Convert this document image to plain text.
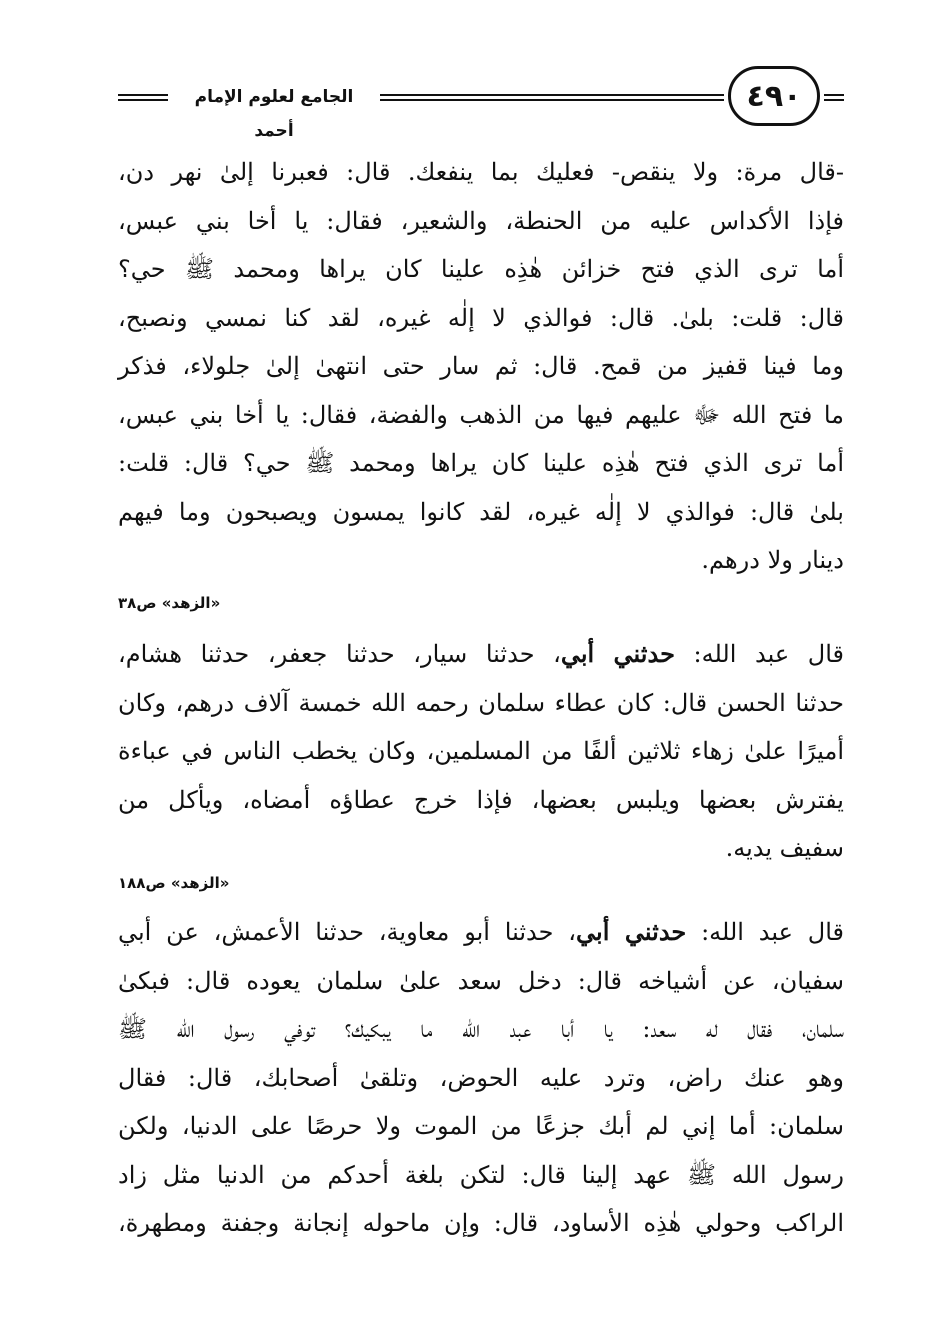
الجامع لعلوم الإمام أحمد
٤٩٠
-قال مرة: ولا ينقص- فعليك بما ينفعك. قال: فعبرنا إلىٰ نهر دن،
فإذا الأكداس عليه من الحنطة، والشعير، فقال: يا أخا بني عبس،
أما ترى الذي فتح خزائن هٰذِه علينا كان يراها ومحمد ﷺ حي؟
قال: قلت: بلىٰ. قال: فوالذي لا إلٰه غيره، لقد كنا نمسي ونصبح،
وما فينا قفيز من قمح. قال: ثم سار حتى انتهىٰ إلىٰ جلولاء، فذكر
ما فتح الله ﷻ عليهم فيها من الذهب والفضة، فقال: يا أخا بني عبس،
أما ترى الذي فتح هٰذِه علينا كان يراها ومحمد ﷺ حي؟ قال: قلت:
بلىٰ قال: فوالذي لا إلٰه غيره، لقد كانوا يمسون ويصبحون وما فيهم
دينار ولا درهم.
«الزهد» ص٣٨
قال عبد الله: حدثني أبي، حدثنا سيار، حدثنا جعفر، حدثنا هشام،
حدثنا الحسن قال: كان عطاء سلمان رحمه الله خمسة آلاف درهم، وكان
أميرًا علىٰ زهاء ثلاثين ألفًا من المسلمين، وكان يخطب الناس في عباءة
يفترش بعضها ويلبس بعضها، فإذا خرج عطاؤه أمضاه، ويأكل من
سفيف يديه.
«الزهد» ص١٨٨
قال عبد الله: حدثني أبي، حدثنا أبو معاوية، حدثنا الأعمش، عن أبي
سفيان، عن أشياخه قال: دخل سعد علىٰ سلمان يعوده قال: فبكىٰ
سلمان، فقال له سعد: يا أبا عبد الله ما يبكيك؟ توفي رسول الله ﷺ
وهو عنك راض، وترد عليه الحوض، وتلقىٰ أصحابك، قال: فقال
سلمان: أما إني لم أبك جزعًا من الموت ولا حرصًا على الدنيا، ولكن
رسول الله ﷺ عهد إلينا قال: لتكن بلغة أحدكم من الدنيا مثل زاد
الراكب وحولي هٰذِه الأساود، قال: وإن ماحوله إنجانة وجفنة ومطهرة،
